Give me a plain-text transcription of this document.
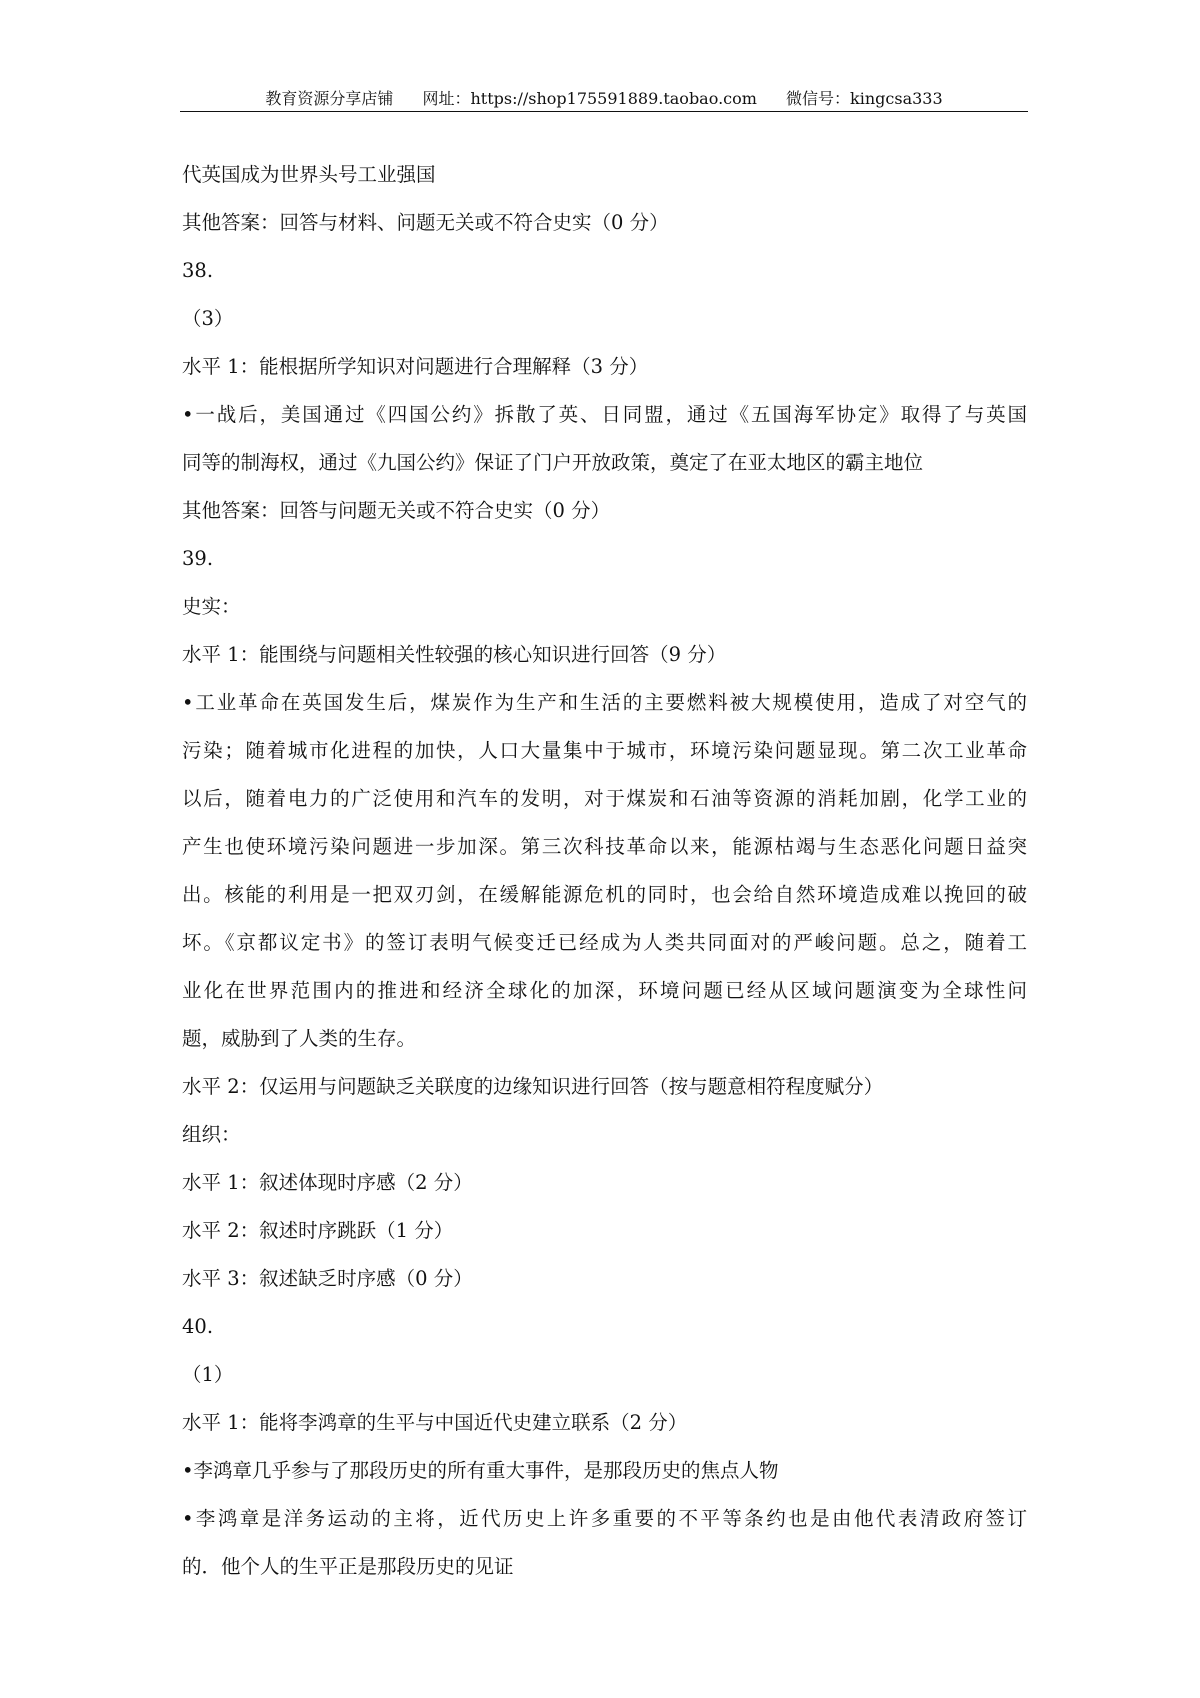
教育资源分享店铺 网址：https://shop175591889.taobao.com 微信号：kingcsa333
代英国成为世界头号工业强国
其他答案：回答与材料、问题无关或不符合史实（0 分）
38.
（3）
水平 1：能根据所学知识对问题进行合理解释（3 分）
•一战后，美国通过《四国公约》拆散了英、日同盟，通过《五国海军协定》取得了与英国
同等的制海权，通过《九国公约》保证了门户开放政策，奠定了在亚太地区的霸主地位
其他答案：回答与问题无关或不符合史实（0 分）
39.
史实：
水平 1：能围绕与问题相关性较强的核心知识进行回答（9 分）
•工业革命在英国发生后，煤炭作为生产和生活的主要燃料被大规模使用，造成了对空气的
污染；随着城市化进程的加快，人口大量集中于城市，环境污染问题显现。第二次工业革命
以后，随着电力的广泛使用和汽车的发明，对于煤炭和石油等资源的消耗加剧，化学工业的
产生也使环境污染问题进一步加深。第三次科技革命以来，能源枯竭与生态恶化问题日益突
出。核能的利用是一把双刃剑，在缓解能源危机的同时，也会给自然环境造成难以挽回的破
坏。《京都议定书》的签订表明气候变迁已经成为人类共同面对的严峻问题。总之，随着工
业化在世界范围内的推进和经济全球化的加深，环境问题已经从区域问题演变为全球性问
题，威胁到了人类的生存。
水平 2：仅运用与问题缺乏关联度的边缘知识进行回答（按与题意相符程度赋分）
组织：
水平 1：叙述体现时序感（2 分）
水平 2：叙述时序跳跃（1 分）
水平 3：叙述缺乏时序感（0 分）
40.
（1）
水平 1：能将李鸿章的生平与中国近代史建立联系（2 分）
•李鸿章几乎参与了那段历史的所有重大事件，是那段历史的焦点人物
•李鸿章是洋务运动的主将，近代历史上许多重要的不平等条约也是由他代表清政府签订
的．他个人的生平正是那段历史的见证
